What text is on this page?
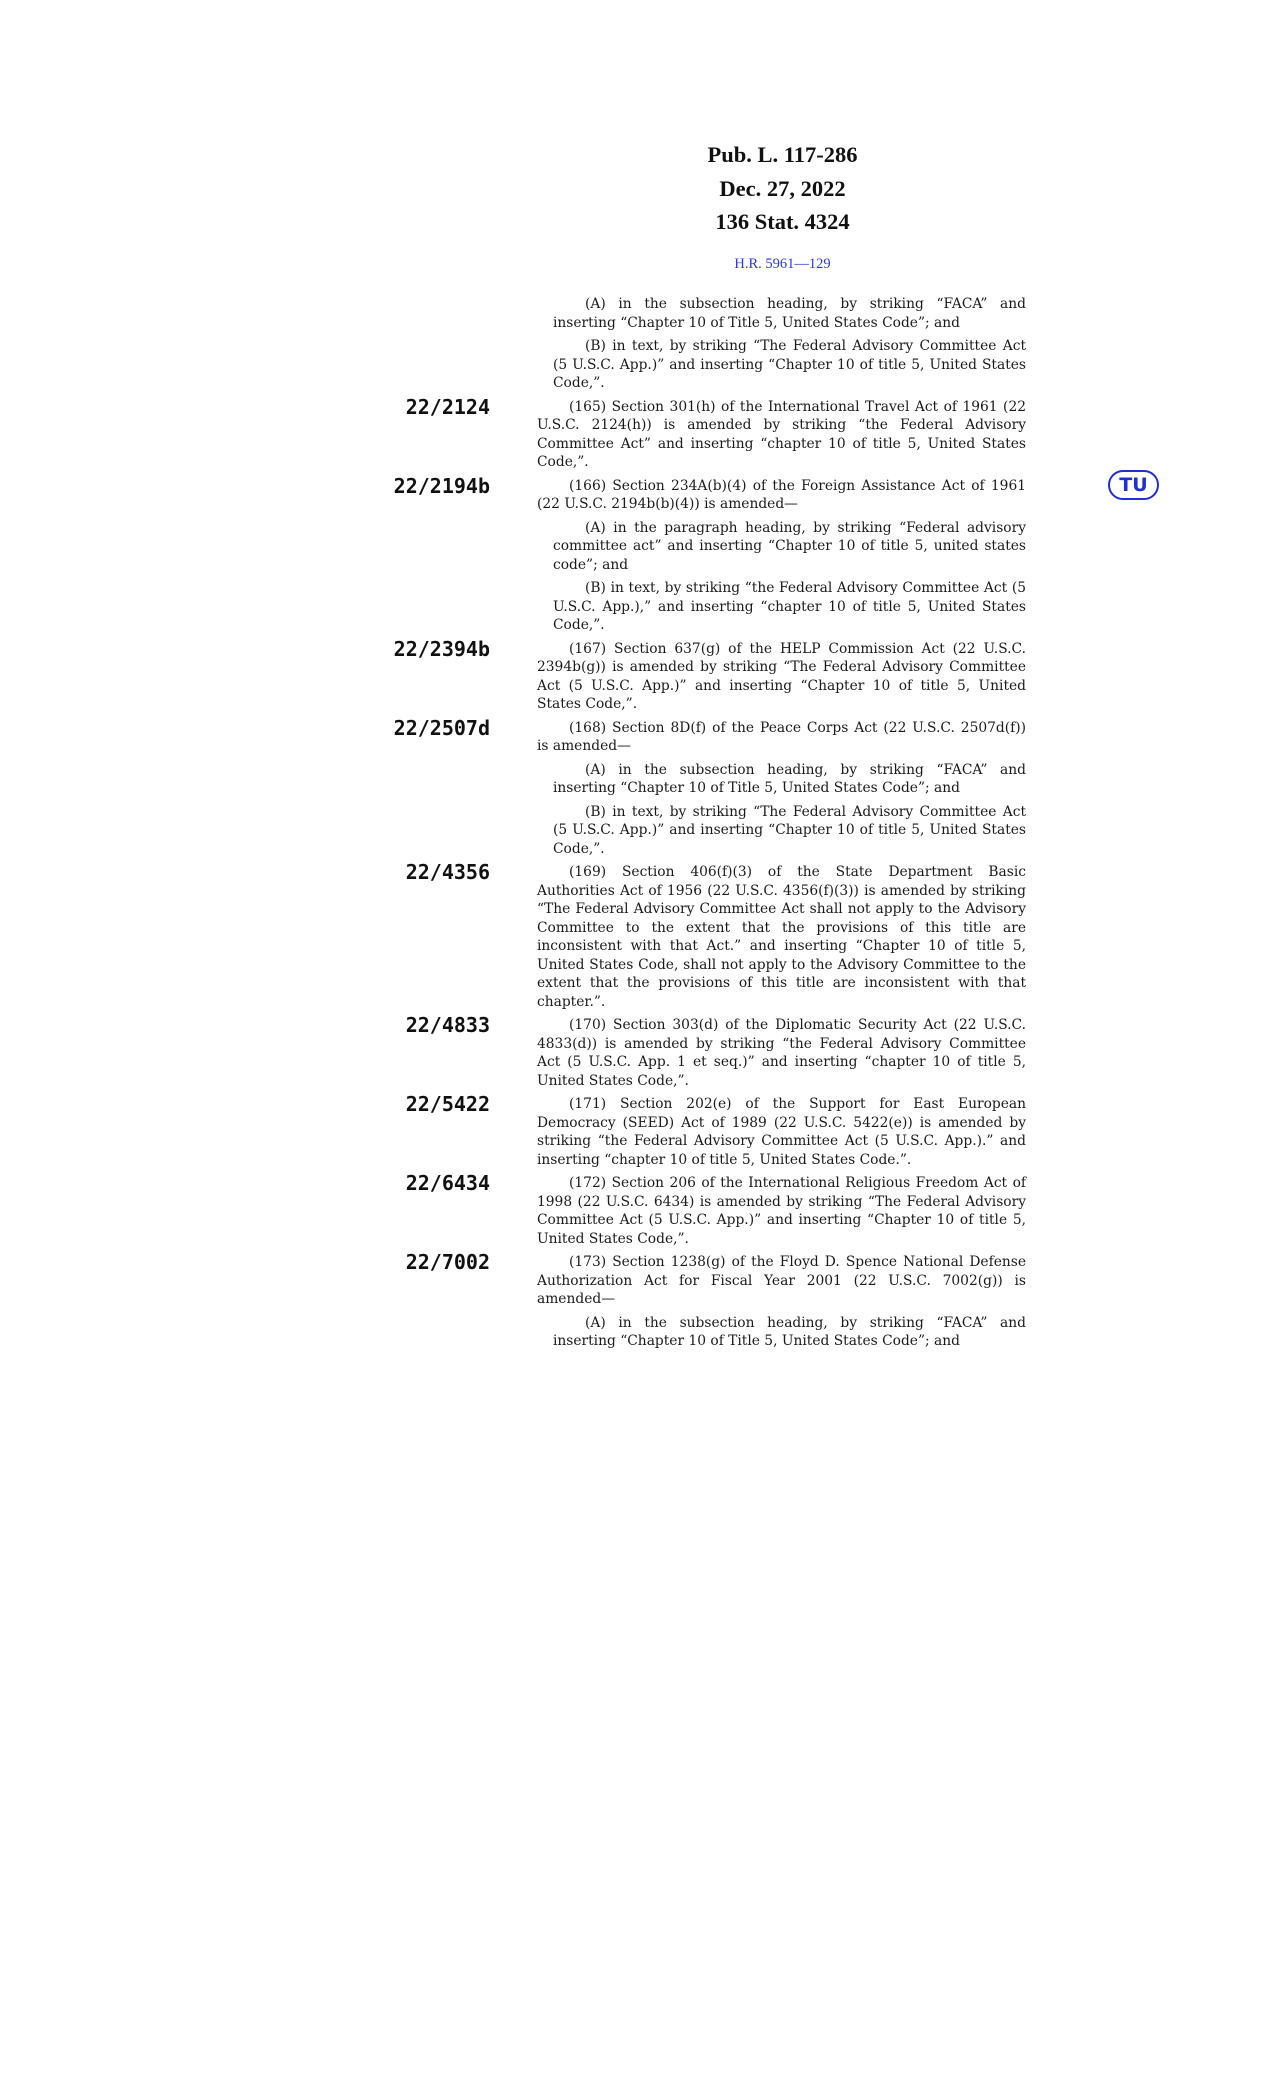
Pub. L. 117-286
Dec. 27, 2022
136 Stat. 4324
H.R. 5961—129
TU

(A) in the subsection heading, by striking “FACA” and inserting “Chapter 10 of Title 5, United States Code”; and

(B) in text, by striking “The Federal Advisory Committee Act (5 U.S.C. App.)” and inserting “Chapter 10 of title 5, United States Code,”.

22/2124	(165) Section 301(h) of the International Travel Act of 1961 (22 U.S.C. 2124(h)) is amended by striking “the Federal Advisory Committee Act” and inserting “chapter 10 of title 5, United States Code,”.

22/2194b	(166) Section 234A(b)(4) of the Foreign Assistance Act of 1961 (22 U.S.C. 2194b(b)(4)) is amended—

(A) in the paragraph heading, by striking “Federal advisory committee act” and inserting “Chapter 10 of title 5, united states code”; and

(B) in text, by striking “the Federal Advisory Committee Act (5 U.S.C. App.),” and inserting “chapter 10 of title 5, United States Code,”.

22/2394b	(167) Section 637(g) of the HELP Commission Act (22 U.S.C. 2394b(g)) is amended by striking “The Federal Advisory Committee Act (5 U.S.C. App.)” and inserting “Chapter 10 of title 5, United States Code,”.

22/2507d	(168) Section 8D(f) of the Peace Corps Act (22 U.S.C. 2507d(f)) is amended—

(A) in the subsection heading, by striking “FACA” and inserting “Chapter 10 of Title 5, United States Code”; and

(B) in text, by striking “The Federal Advisory Committee Act (5 U.S.C. App.)” and inserting “Chapter 10 of title 5, United States Code,”.

22/4356	(169) Section 406(f)(3) of the State Department Basic Authorities Act of 1956 (22 U.S.C. 4356(f)(3)) is amended by striking “The Federal Advisory Committee Act shall not apply to the Advisory Committee to the extent that the provisions of this title are inconsistent with that Act.” and inserting “Chapter 10 of title 5, United States Code, shall not apply to the Advisory Committee to the extent that the provisions of this title are inconsistent with that chapter.”.

22/4833	(170) Section 303(d) of the Diplomatic Security Act (22 U.S.C. 4833(d)) is amended by striking “the Federal Advisory Committee Act (5 U.S.C. App. 1 et seq.)” and inserting “chapter 10 of title 5, United States Code,”.

22/5422	(171) Section 202(e) of the Support for East European Democracy (SEED) Act of 1989 (22 U.S.C. 5422(e)) is amended by striking “the Federal Advisory Committee Act (5 U.S.C. App.).” and inserting “chapter 10 of title 5, United States Code.”.

22/6434	(172) Section 206 of the International Religious Freedom Act of 1998 (22 U.S.C. 6434) is amended by striking “The Federal Advisory Committee Act (5 U.S.C. App.)” and inserting “Chapter 10 of title 5, United States Code,”.

22/7002	(173) Section 1238(g) of the Floyd D. Spence National Defense Authorization Act for Fiscal Year 2001 (22 U.S.C. 7002(g)) is amended—

(A) in the subsection heading, by striking “FACA” and inserting “Chapter 10 of Title 5, United States Code”; and
